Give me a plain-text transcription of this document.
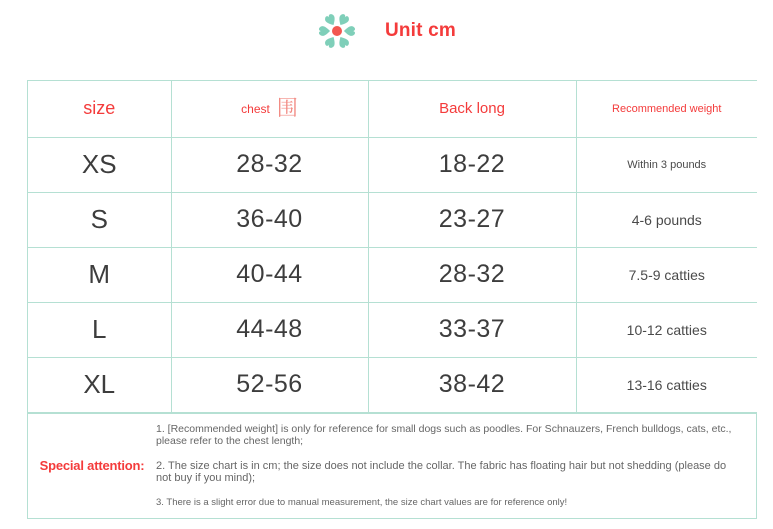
Unit cm
size	chest 围	Back long	Recommended weight
XS	28-32	18-22	Within 3 pounds
S	36-40	23-27	4-6 pounds
M	40-44	28-32	7.5-9 catties
L	44-48	33-37	10-12 catties
XL	52-56	38-42	13-16 catties
Special attention:
1. [Recommended weight] is only for reference for small dogs such as poodles. For Schnauzers, French bulldogs, cats, etc., please refer to the chest length;
2. The size chart is in cm; the size does not include the collar. The fabric has floating hair but not shedding (please do not buy if you mind);
3. There is a slight error due to manual measurement, the size chart values are for reference only!
